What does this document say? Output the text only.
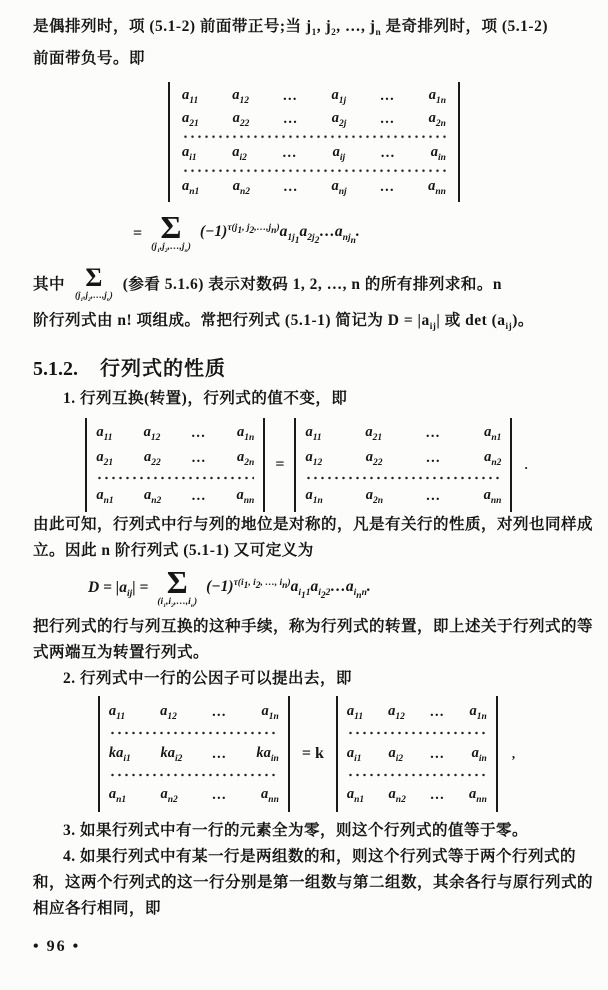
是偶排列时，项 (5.1-2) 前面带正号;当 $j_1$, $j_2$, …, $j_n$ 是奇排列时，项 (5.1-2)
前面带负号。即
$a_{11}$ $a_{12}$ … $a_{1j}$ … $a_{1n}$
$a_{21}$ $a_{22}$ … $a_{2j}$ … $a_{2n}$
$a_{i1}$ $a_{i2}$ … $a_{ij}$ … $a_{in}$
$a_{n1}$ $a_{n2}$ … $a_{nj}$ … $a_{nn}$
= Σ
$(j_1,j_2,\dots,j_n)$
$(-1)^{\tau(j_1, j_2,\dots,j_n)}a_{1j_1}a_{2j_2}\dots a_{nj_n}$.
其中 Σ
$(j_1,j_2,\dots,j_n)$
(参看 5.1.6) 表示对数码 1, 2, …, n 的所有排列求和。n
阶行列式由 n! 项组成。常把行列式 (5.1-1) 简记为 $D = |a_{ij}|$ 或 $\det (a_{ij})$。
5.1.2. 行列式的性质
1. 行列互换(转置)，行列式的值不变，即
$a_{11}$ $a_{12}$ … $a_{1n}$
$a_{21}$ $a_{22}$ … $a_{2n}$
$a_{n1}$ $a_{n2}$ … $a_{nn}$
=
$a_{11}$	$a_{21}$	…	$a_{n1}$
$a_{12}$	$a_{22}$	…	$a_{n2}$
$a_{1n}$	$a_{2n}$	…	$a_{nn}$
.
由此可知，行列式中行与列的地位是对称的，凡是有关行的性质，对列也同样成
立。因此 n 阶行列式 (5.1-1) 又可定义为
$D = |a_{ij}| = \Sigma$
$(i_1,i_2,\dots,i_n)$
$(-1)^{\tau(i_1, i_2, \dots, i_n)}a_{i_11}a_{i_22}\dots a_{i_nn}$.
把行列式的行与列互换的这种手续，称为行列式的转置，即上述关于行列式的等
式两端互为转置行列式。
2. 行列式中一行的公因子可以提出去，即
$a_{11}$ $a_{12}$ … $a_{1n}$
$ka_{i1}$ $ka_{i2}$ … $ka_{in}$
$a_{n1}$ $a_{n2}$ … $a_{nn}$
= k
$a_{11}$ $a_{12}$ … $a_{1n}$
$a_{i1}$ $a_{i2}$ … $a_{in}$
$a_{n1}$ $a_{n2}$ … $a_{nn}$
,
3. 如果行列式中有一行的元素全为零，则这个行列式的值等于零。
4. 如果行列式中有某一行是两组数的和，则这个行列式等于两个行列式的
和，这两个行列式的这一行分别是第一组数与第二组数，其余各行与原行列式的
相应各行相同，即
• 96 •
